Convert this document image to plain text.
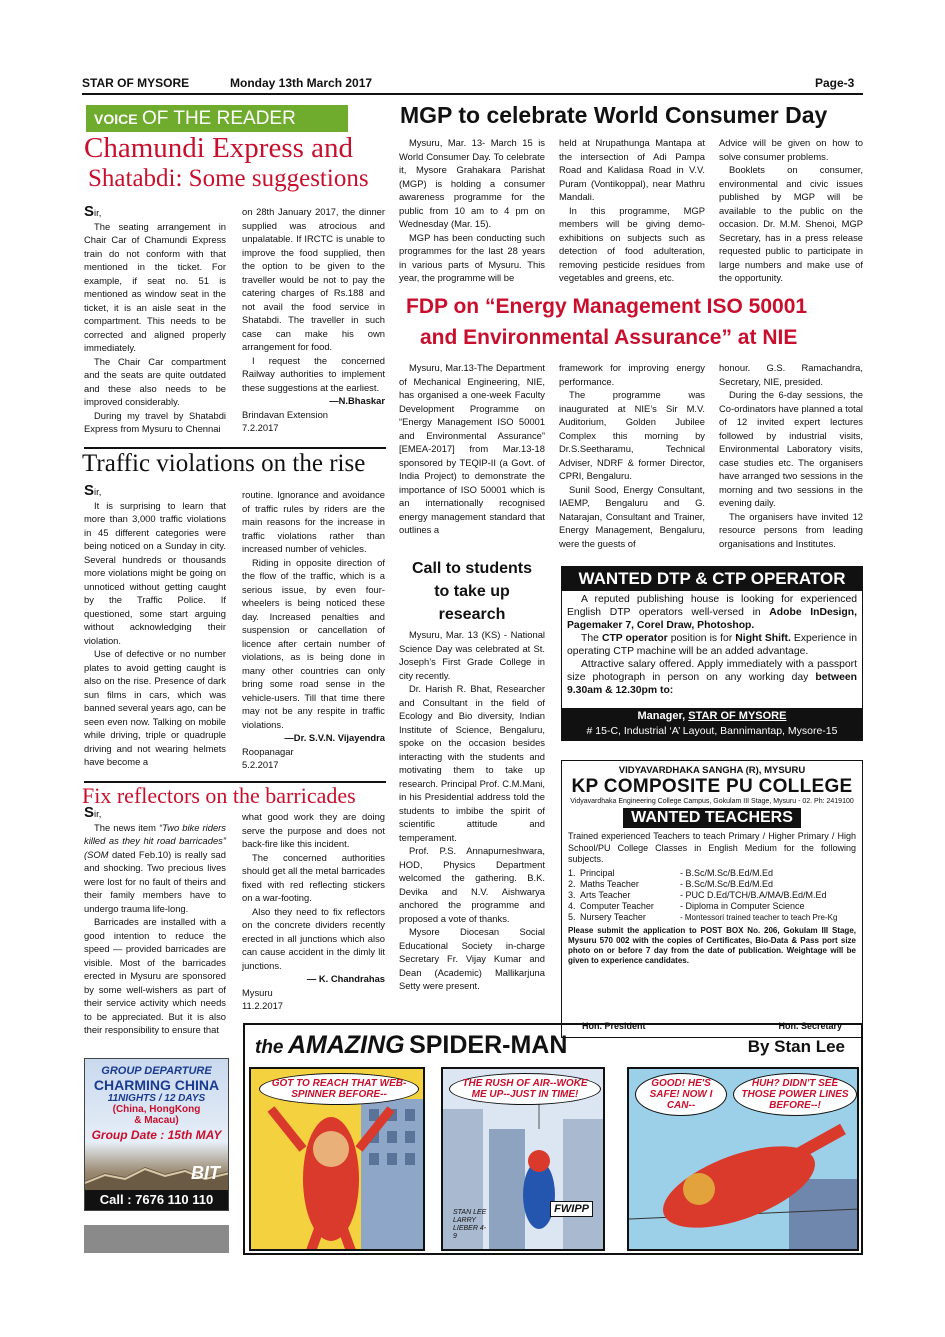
STAR OF MYSORE	Monday 13th March 2017	Page-3
VOICE OF THE READER
Chamundi Express and
Shatabdi: Some suggestions

Sir,

The seating arrangement in Chair Car of Chamundi Express train do not conform with that mentioned in the ticket. For example, if seat no. 51 is mentioned as window seat in the ticket, it is an aisle seat in the compartment. This needs to be corrected and aligned properly immediately.

The Chair Car compartment and the seats are quite outdated and these also needs to be improved considerably.

During my travel by Shatabdi Express from Mysuru to Chennai

on 28th January 2017, the dinner supplied was atrocious and unpalatable. If IRCTC is unable to improve the food supplied, then the option to be given to the traveller would be not to pay the catering charges of Rs.188 and not avail the food service in Shatabdi. The traveller in such case can make his own arrangement for food.

I request the concerned Railway authorities to implement these suggestions at the earliest.

—N.Bhaskar

Brindavan Extension

7.2.2017

Traffic violations on the rise

Sir,

It is surprising to learn that more than 3,000 traffic violations in 45 different categories were being noticed on a Sunday in city. Several hundreds or thousands more violations might be going on unnoticed without getting caught by the Traffic Police. If questioned, some start arguing without acknowledging their violation.

Use of defective or no number plates to avoid getting caught is also on the rise. Presence of dark sun films in cars, which was banned several years ago, can be seen even now. Talking on mobile while driving, triple or quadruple driving and not wearing helmets have become a

routine. Ignorance and avoidance of traffic rules by riders are the main reasons for the increase in traffic violations rather than increased number of vehicles.

Riding in opposite direction of the flow of the traffic, which is a serious issue, by even four-wheelers is being noticed these day. Increased penalties and suspension or cancellation of licence after certain number of violations, as is being done in many other countries can only bring some road sense in the vehicle-users. Till that time there may not be any respite in traffic violations.

—Dr. S.V.N. Vijayendra

Roopanagar

5.2.2017

Fix reflectors on the barricades

Sir,

The news item “Two bike riders killed as they hit road barricades” (SOM dated Feb.10) is really sad and shocking. Two precious lives were lost for no fault of theirs and their family members have to undergo trauma life-long.

Barricades are installed with a good intention to reduce the speed — provided barricades are visible. Most of the barricades erected in Mysuru are sponsored by some well-wishers as part of their service activity which needs to be appreciated. But it is also their responsibility to ensure that

what good work they are doing serve the purpose and does not back-fire like this incident.

The concerned authorities should get all the metal barricades fixed with red reflecting stickers on a war-footing.

Also they need to fix reflectors on the concrete dividers recently erected in all junctions which also can cause accident in the dimly lit junctions.

— K. Chandrahas

Mysuru

11.2.2017

GROUP DEPARTURE
CHARMING CHINA
11NIGHTS / 12 DAYS
(China, HongKong
& Macau)
Group Date : 15th MAY
BIT
Call : 7676 110 110
MGP to celebrate World Consumer Day

Mysuru, Mar. 13- March 15 is World Consumer Day. To celebrate it, Mysore Grahakara Parishat (MGP) is holding a consumer awareness programme for the public from 10 am to 4 pm on Wednesday (Mar. 15).

MGP has been conducting such programmes for the last 28 years in various parts of Mysuru. This year, the programme will be

held at Nrupathunga Mantapa at the intersection of Adi Pampa Road and Kalidasa Road in V.V. Puram (Vontikoppal), near Mathru Mandali.

In this programme, MGP members will be giving demo-exhibitions on subjects such as detection of food adulteration, removing pesticide residues from vegetables and greens, etc.

Advice will be given on how to solve consumer problems.

Booklets on consumer, environmental and civic issues published by MGP will be available to the public on the occasion. Dr. M.M. Shenoi, MGP Secretary, has in a press release requested public to participate in large numbers and make use of the opportunity.

FDP on “Energy Management ISO 50001
and Environmental Assurance” at NIE

Mysuru, Mar.13-The Department of Mechanical Engineering, NIE, has organised a one-week Faculty Development Programme on “Energy Management ISO 50001 and Environmental Assurance” [EMEA-2017] from Mar.13-18 sponsored by TEQIP-II (a Govt. of India Project) to demonstrate the importance of ISO 50001 which is an internationally recognised energy management standard that outlines a

framework for improving energy performance.

The programme was inaugurated at NIE’s Sir M.V. Auditorium, Golden Jubilee Complex this morning by Dr.S.Seetharamu, Technical Adviser, NDRF & former Director, CPRI, Bengaluru.

Sunil Sood, Energy Consultant, IAEMP, Bengaluru and G. Natarajan, Consultant and Trainer, Energy Management, Bengaluru, were the guests of

honour. G.S. Ramachandra, Secretary, NIE, presided.

During the 6-day sessions, the Co-ordinators have planned a total of 12 invited expert lectures followed by industrial visits, Environmental Laboratory visits, case studies etc. The organisers have arranged two sessions in the morning and two sessions in the evening daily.

The organisers have invited 12 resource persons from leading organisations and Institutes.

Call to students
to take up
research

Mysuru, Mar. 13 (KS) - National Science Day was celebrated at St. Joseph’s First Grade College in city recently.

Dr. Harish R. Bhat, Researcher and Consultant in the field of Ecology and Bio diversity, Indian Institute of Science, Bengaluru, spoke on the occasion besides interacting with the students and motivating them to take up research. Principal Prof. C.M.Mani, in his Presidential address told the students to imbibe the spirit of scientific attitude and temperament.

Prof. P.S. Annapurneshwara, HOD, Physics Department welcomed the gathering. B.K. Devika and N.V. Aishwarya anchored the programme and proposed a vote of thanks.

Mysore Diocesan Social Educational Society in-charge Secretary Fr. Vijay Kumar and Dean (Academic) Mallikarjuna Setty were present.

WANTED DTP & CTP OPERATOR

A reputed publishing house is looking for experienced English DTP operators well-versed in Adobe InDesign, Pagemaker 7, Corel Draw, Photoshop.

The CTP operator position is for Night Shift. Experience in operating CTP machine will be an added advantage.

Attractive salary offered. Apply immediately with a passport size photograph in person on any working day between 9.30am & 12.30pm to:

Manager, STAR OF MYSORE
# 15-C, Industrial ‘A’ Layout, Bannimantap, Mysore-15
VIDYAVARDHAKA SANGHA (R), MYSURU
KP COMPOSITE PU COLLEGE
Vidyavardhaka Engineering College Campus, Gokulam III Stage, Mysuru - 02. Ph: 2419100
WANTED TEACHERS
Trained experienced Teachers to teach Primary / Higher Primary / High School/PU College Classes in English Medium for the following subjects.
1. Principal	- B.Sc/M.Sc/B.Ed/M.Ed
2. Maths Teacher	- B.Sc/M.Sc/B.Ed/M.Ed
3. Arts Teacher	- PUC D.Ed/TCH/B.A/MA/B.Ed/M.Ed
4. Computer Teacher	- Diploma in Computer Science
5. Nursery Teacher	- Montessori trained teacher to teach Pre-Kg
Please submit the application to POST BOX No. 206, Gokulam III Stage, Mysuru 570 002 with the copies of Certificates, Bio-Data & Pass port size photo on or before 7 day from the date of publication. Weightage will be given to experience candidates.
Hon. President	Hon. Secretary
the AMAZING SPIDER-MAN	By Stan Lee
GOT TO REACH THAT WEB-SPINNER BEFORE--
THE RUSH OF AIR--WOKE ME UP--JUST IN TIME!
FWIPP
STAN LEE LARRY LIEBER 4-9
GOOD! HE'S SAFE! NOW I CAN--
HUH? DIDN'T SEE THOSE POWER LINES BEFORE--!
